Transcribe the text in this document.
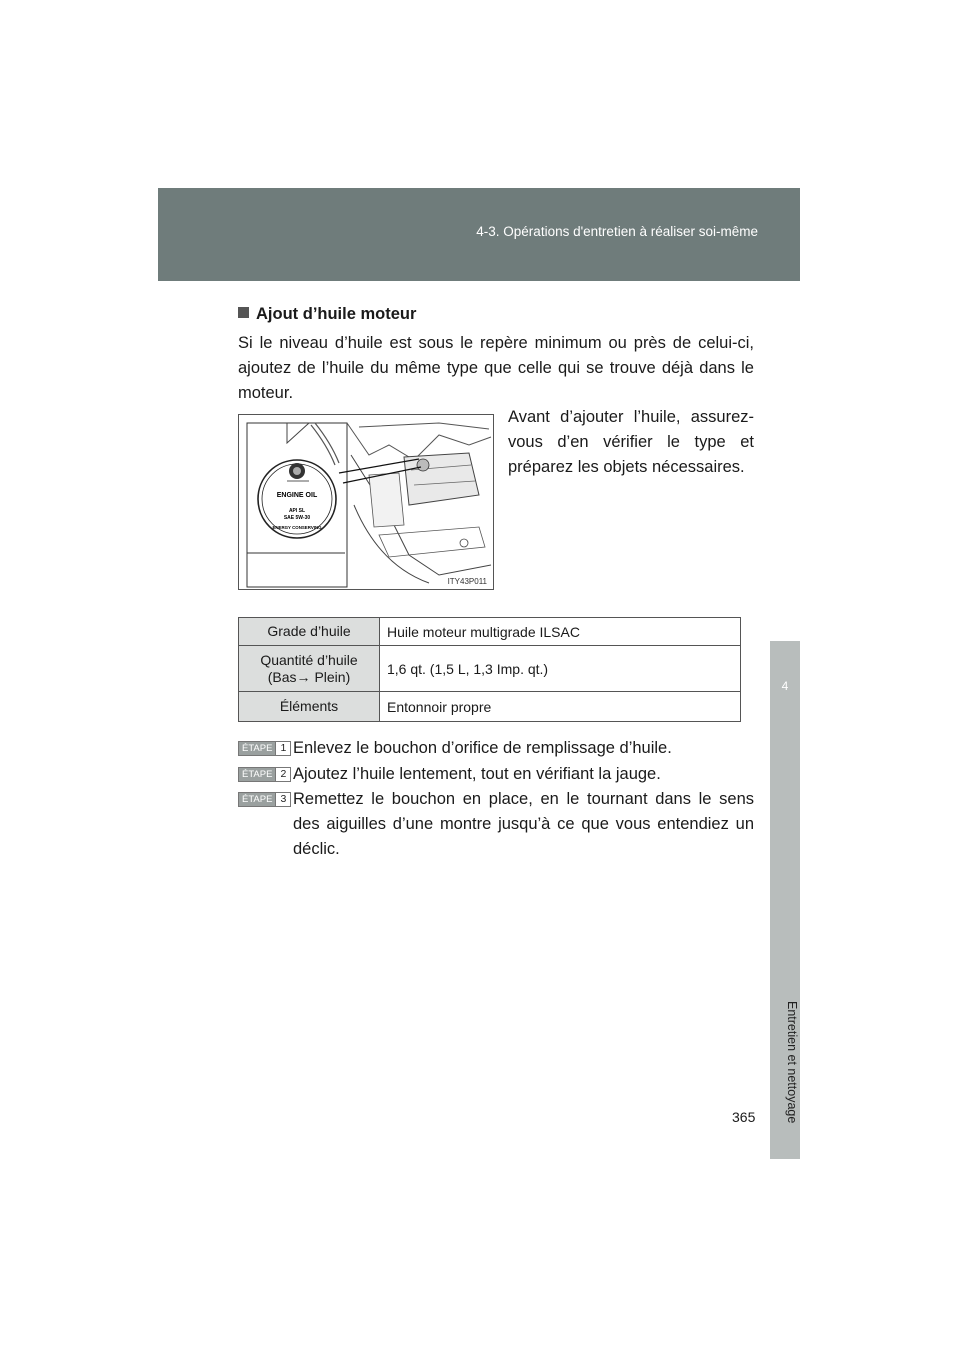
4-3. Opérations d'entretien à réaliser soi-même
4
Entretien et nettoyage
Ajout d’huile moteur
Si le niveau d’huile est sous le repère minimum ou près de celui-ci, ajoutez de l’huile du même type que celle qui se trouve déjà dans le moteur.
ENGINE OIL
API SL
SAE 5W-30
ENERGY CONSERVING
ITY43P011
Avant d’ajouter l’huile, assurez-vous d’en vérifier le type et préparez les objets nécessaires.
Grade d’huile	Huile moteur multigrade ILSAC

Quantité d’huile
(Bas→ Plein)	1,6 qt. (1,5 L, 1,3 Imp. qt.)
Éléments	Entonnoir propre
ÉTAPE 1 Enlevez le bouchon d’orifice de remplissage d’huile.
ÉTAPE 2 Ajoutez l’huile lentement, tout en vérifiant la jauge.
ÉTAPE 3 Remettez le bouchon en place, en le tournant dans le sens des aiguilles d’une montre jusqu’à ce que vous entendiez un déclic.
365
